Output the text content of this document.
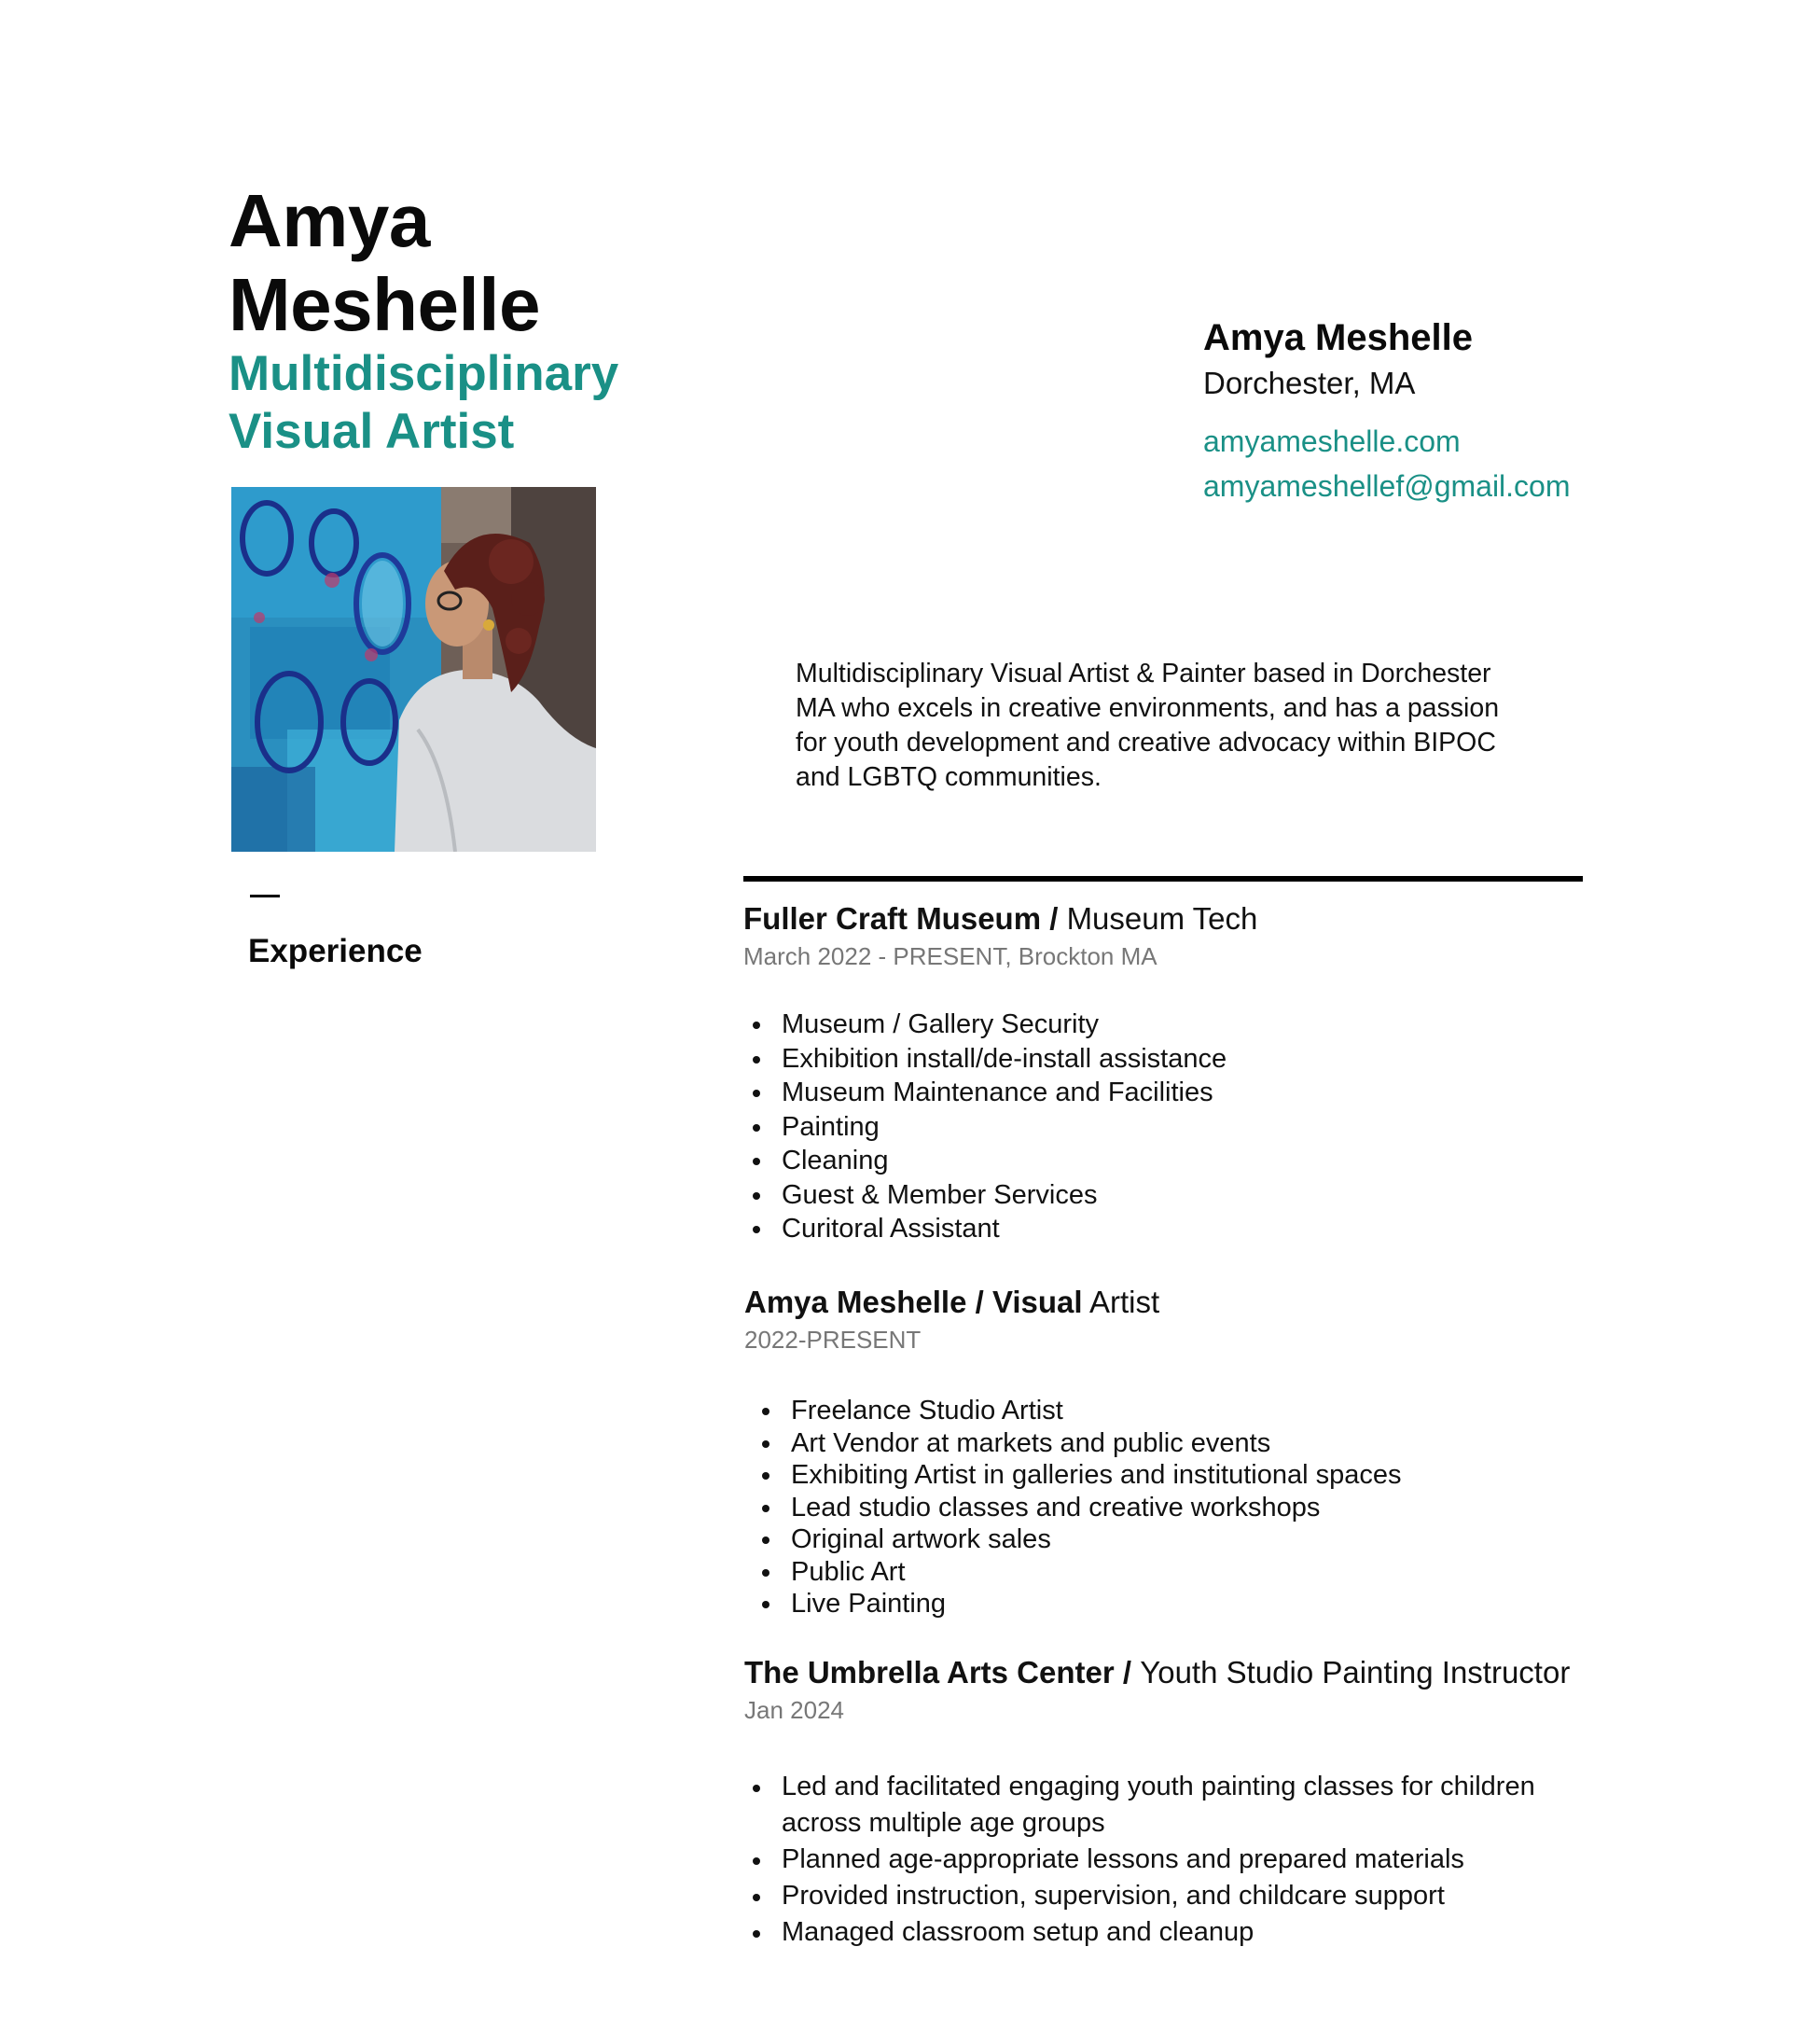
Amya
Meshelle
Multidisciplinary
Visual Artist
Amya Meshelle
Dorchester, MA
amyameshelle.com
amyameshellef@gmail.com
Multidisciplinary Visual Artist & Painter based in Dorchester MA who excels in creative environments, and has a passion for youth development and creative advocacy within BIPOC and LGBTQ communities.
Experience
Fuller Craft Museum / Museum Tech
March 2022 - PRESENT, Brockton MA
Museum / Gallery Security
Exhibition install/de-install assistance
Museum Maintenance and Facilities
Painting
Cleaning
Guest & Member Services
Curitoral Assistant
Amya Meshelle / Visual Artist
2022-PRESENT
Freelance Studio Artist
Art Vendor at markets and public events
Exhibiting Artist in galleries and institutional spaces
Lead studio classes and creative workshops
Original artwork sales
Public Art
Live Painting
The Umbrella Arts Center / Youth Studio Painting Instructor
Jan 2024
Led and facilitated engaging youth painting classes for children across multiple age groups
Planned age-appropriate lessons and prepared materials
Provided instruction, supervision, and childcare support
Managed classroom setup and cleanup
